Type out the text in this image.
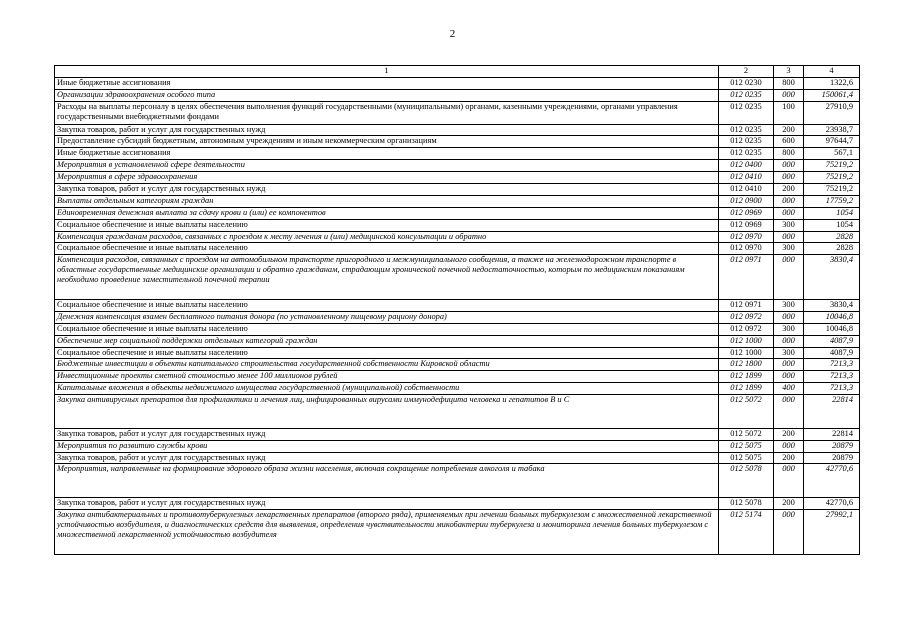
2
1	2	3	4
Иные бюджетные ассигнования	012 0230	800	1322,6
Организации здравоохранения особого типа	012 0235	000	150061,4
Расходы на выплаты персоналу в целях обеспечения выполнения функций государственными (муниципальными) органами, казенными учреждениями, органами управления государственными внебюджетными фондами	012 0235	100	27910,9
Закупка товаров, работ и услуг для государственных нужд	012 0235	200	23938,7
Предоставление субсидий бюджетным, автономным учреждениям и иным некоммерческим организациям	012 0235	600	97644,7
Иные бюджетные ассигнования	012 0235	800	567,1
Мероприятия в установленной сфере деятельности	012 0400	000	75219,2
Мероприятия в сфере здравоохранения	012 0410	000	75219,2
Закупка товаров, работ и услуг для государственных нужд	012 0410	200	75219,2
Выплаты отдельным категориям граждан	012 0900	000	17759,2
Единовременная денежная выплата за сдачу крови и (или) ее компонентов	012 0969	000	1054
Социальное обеспечение и иные выплаты населению	012 0969	300	1054
Компенсация гражданам расходов, связанных с проездом к месту лечения и (или) медицинской консультации и обратно	012 0970	000	2828
Социальное обеспечение и иные выплаты населению	012 0970	300	2828
Компенсация расходов, связанных с проездом на автомобильном транспорте пригородного и межмуниципального сообщения, а также на железнодорожном транспорте в областные государственные медицинские организации и обратно гражданам, страдающим хронической почечной недостаточностью, которым по медицинским показаниям необходимо проведение заместительной почечной терапии	012 0971	000	3830,4
Социальное обеспечение и иные выплаты населению	012 0971	300	3830,4
Денежная компенсация взамен бесплатного питания донора (по установленному пищевому рациону донора)	012 0972	000	10046,8
Социальное обеспечение и иные выплаты населению	012 0972	300	10046,8
Обеспечение мер социальной поддержки отдельных категорий граждан	012 1000	000	4087,9
Социальное обеспечение и иные выплаты населению	012 1000	300	4087,9
Бюджетные инвестиции в объекты капитального строительства государственной собственности Кировской области	012 1800	000	7213,3
Инвестиционные проекты сметной стоимостью менее 100 миллионов рублей	012 1899	000	7213,3
Капитальные вложения в объекты недвижимого имущества государственной (муниципальной) собственности	012 1899	400	7213,3
Закупка антивирусных препаратов для профилактики и лечения лиц, инфицированных вирусами иммунодефицита человека и гепатитов В и С	012 5072	000	22814
Закупка товаров, работ и услуг для государственных нужд	012 5072	200	22814
Мероприятия по развитию службы крови	012 5075	000	20879
Закупка товаров, работ и услуг для государственных нужд	012 5075	200	20879
Мероприятия, направленные на формирование здорового образа жизни населения, включая сокращение потребления алкоголя и табака	012 5078	000	42770,6
Закупка товаров, работ и услуг для государственных нужд	012 5078	200	42770,6
Закупка антибактериальных и противотуберкулезных лекарственных препаратов (второго ряда), применяемых при лечении больных туберкулезом с множественной лекарственной устойчивостью возбудителя, и диагностических средств для выявления, определения чувствительности микобактерии туберкулеза и мониторинга лечения больных туберкулезом с множественной лекарственной устойчивостью возбудителя	012 5174	000	27992,1
